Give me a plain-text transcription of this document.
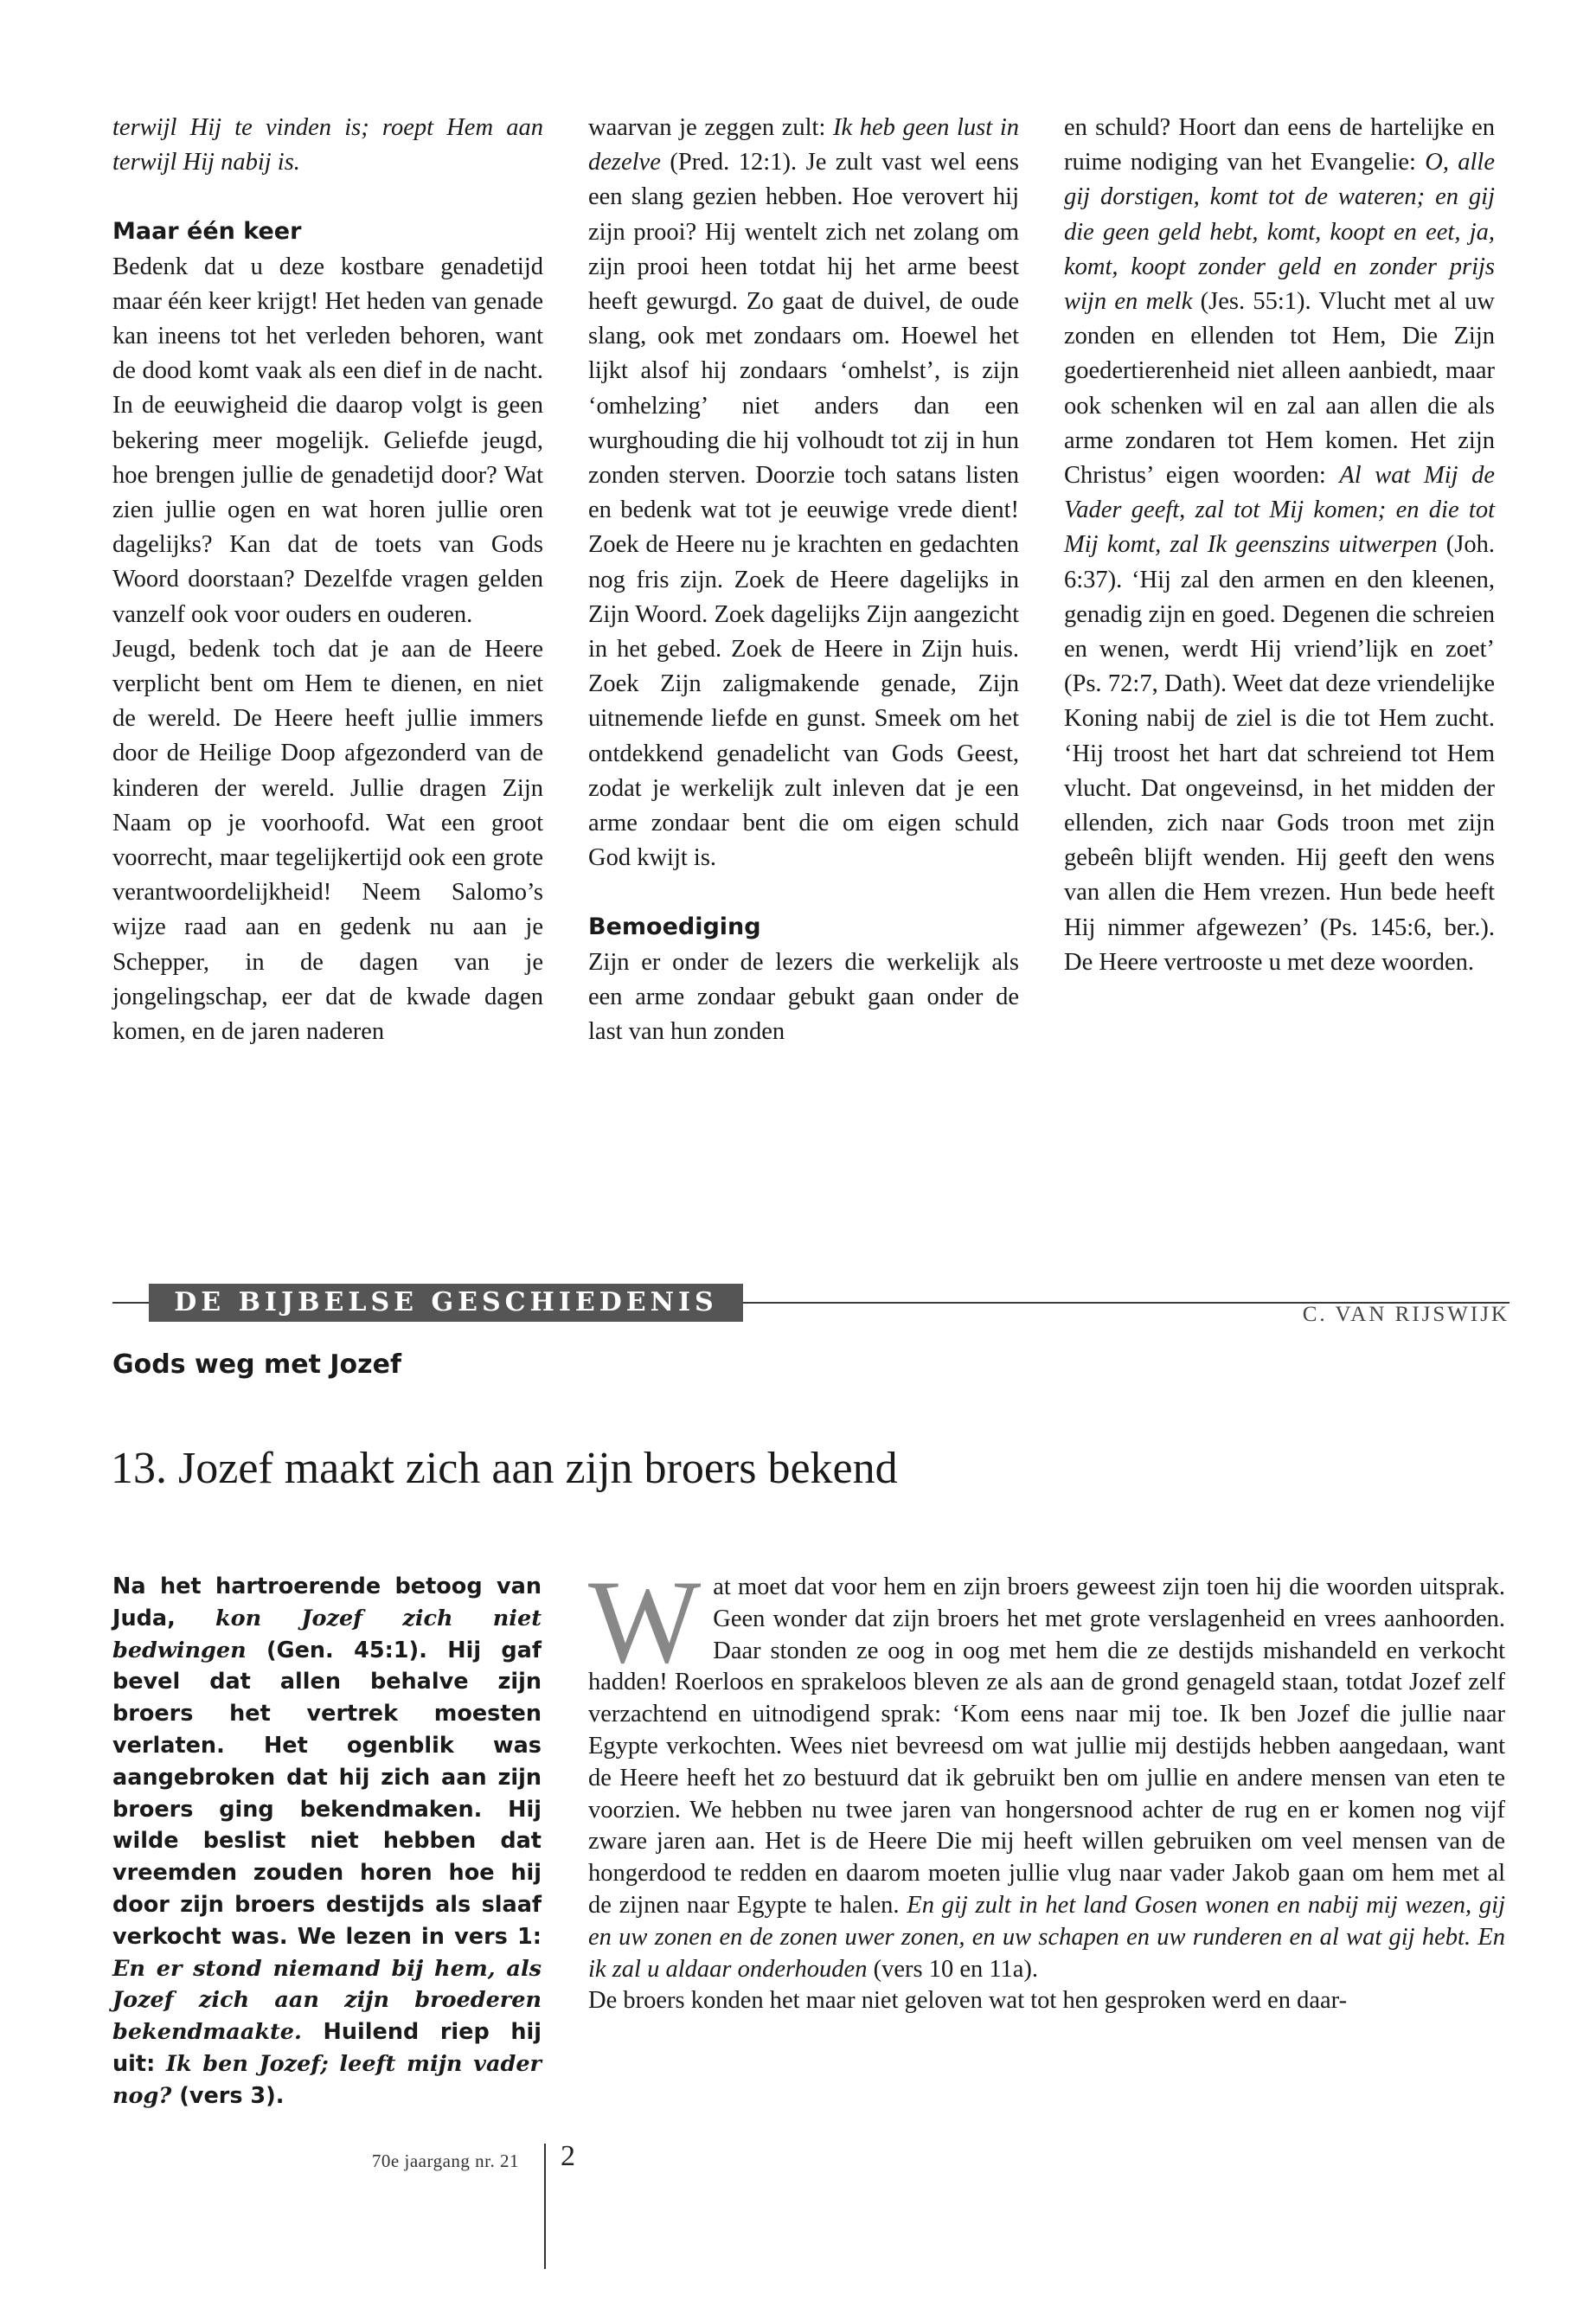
terwijl Hij te vinden is; roept Hem aan terwijl Hij nabij is.

Maar één keer

Bedenk dat u deze kostbare genadetijd maar één keer krijgt! Het heden van genade kan ineens tot het verleden behoren, want de dood komt vaak als een dief in de nacht. In de eeuwigheid die daarop volgt is geen bekering meer mogelijk. Geliefde jeugd, hoe brengen jullie de genadetijd door? Wat zien jullie ogen en wat horen jullie oren dagelijks? Kan dat de toets van Gods Woord doorstaan? Dezelfde vragen gelden vanzelf ook voor ouders en ouderen.

Jeugd, bedenk toch dat je aan de Heere verplicht bent om Hem te dienen, en niet de wereld. De Heere heeft jullie immers door de Heilige Doop afgezonderd van de kinderen der wereld. Jullie dragen Zijn Naam op je voorhoofd. Wat een groot voorrecht, maar tegelijkertijd ook een grote verantwoordelijkheid! Neem Salomo’s wijze raad aan en gedenk nu aan je Schepper, in de dagen van je jongelingschap, eer dat de kwade dagen komen, en de jaren naderen

waarvan je zeggen zult: Ik heb geen lust in dezelve (Pred. 12:1). Je zult vast wel eens een slang gezien hebben. Hoe verovert hij zijn prooi? Hij wentelt zich net zolang om zijn prooi heen totdat hij het arme beest heeft gewurgd. Zo gaat de duivel, de oude slang, ook met zondaars om. Hoewel het lijkt alsof hij zondaars ‘omhelst’, is zijn ‘omhelzing’ niet anders dan een wurghouding die hij volhoudt tot zij in hun zonden sterven. Doorzie toch satans listen en bedenk wat tot je eeuwige vrede dient! Zoek de Heere nu je krachten en gedachten nog fris zijn. Zoek de Heere dagelijks in Zijn Woord. Zoek dagelijks Zijn aangezicht in het gebed. Zoek de Heere in Zijn huis. Zoek Zijn zaligmakende genade, Zijn uitnemende liefde en gunst. Smeek om het ontdekkend genadelicht van Gods Geest, zodat je werkelijk zult inleven dat je een arme zondaar bent die om eigen schuld God kwijt is.

Bemoediging

Zijn er onder de lezers die werkelijk als een arme zondaar gebukt gaan onder de last van hun zonden

en schuld? Hoort dan eens de hartelijke en ruime nodiging van het Evangelie: O, alle gij dorstigen, komt tot de wateren; en gij die geen geld hebt, komt, koopt en eet, ja, komt, koopt zonder geld en zonder prijs wijn en melk (Jes. 55:1). Vlucht met al uw zonden en ellenden tot Hem, Die Zijn goedertierenheid niet alleen aanbiedt, maar ook schenken wil en zal aan allen die als arme zondaren tot Hem komen. Het zijn Christus’ eigen woorden: Al wat Mij de Vader geeft, zal tot Mij komen; en die tot Mij komt, zal Ik geenszins uitwerpen (Joh. 6:37). ‘Hij zal den armen en den kleenen, genadig zijn en goed. Degenen die schreien en wenen, werdt Hij vriend’lijk en zoet’ (Ps. 72:7, Dath). Weet dat deze vriendelijke Koning nabij de ziel is die tot Hem zucht. ‘Hij troost het hart dat schreiend tot Hem vlucht. Dat ongeveinsd, in het midden der ellenden, zich naar Gods troon met zijn gebeên blijft wenden. Hij geeft den wens van allen die Hem vrezen. Hun bede heeft Hij nimmer afgewezen’ (Ps. 145:6, ber.). De Heere vertrooste u met deze woorden.

DE BIJBELSE GESCHIEDENIS	C. VAN RIJSWIJK
Gods weg met Jozef
13. Jozef maakt zich aan zijn broers bekend
Na het hartroerende betoog van Juda, kon Jozef zich niet bedwingen (Gen. 45:1). Hij gaf bevel dat allen behalve zijn broers het vertrek moesten verlaten. Het ogenblik was aangebroken dat hij zich aan zijn broers ging bekendmaken. Hij wilde beslist niet hebben dat vreemden zouden horen hoe hij door zijn broers destijds als slaaf verkocht was. We lezen in vers 1: En er stond niemand bij hem, als Jozef zich aan zijn broederen bekendmaakte. Huilend riep hij uit: Ik ben Jozef; leeft mijn vader nog? (vers 3).
Wat moet dat voor hem en zijn broers geweest zijn toen hij die woorden uitsprak. Geen wonder dat zijn broers het met grote verslagenheid en vrees aanhoorden. Daar stonden ze oog in oog met hem die ze destijds mishandeld en verkocht hadden! Roerloos en sprakeloos bleven ze als aan de grond genageld staan, totdat Jozef zelf verzachtend en uitnodigend sprak: ‘Kom eens naar mij toe. Ik ben Jozef die jullie naar Egypte verkochten. Wees niet bevreesd om wat jullie mij destijds hebben aangedaan, want de Heere heeft het zo bestuurd dat ik gebruikt ben om jullie en andere mensen van eten te voorzien. We hebben nu twee jaren van hongersnood achter de rug en er komen nog vijf zware jaren aan. Het is de Heere Die mij heeft willen gebruiken om veel mensen van de hongerdood te redden en daarom moeten jullie vlug naar vader Jakob gaan om hem met al de zijnen naar Egypte te halen. En gij zult in het land Gosen wonen en nabij mij wezen, gij en uw zonen en de zonen uwer zonen, en uw schapen en uw runderen en al wat gij hebt. En ik zal u aldaar onderhouden (vers 10 en 11a).
De broers konden het maar niet geloven wat tot hen gesproken werd en daar-
70e jaargang nr. 21 2
